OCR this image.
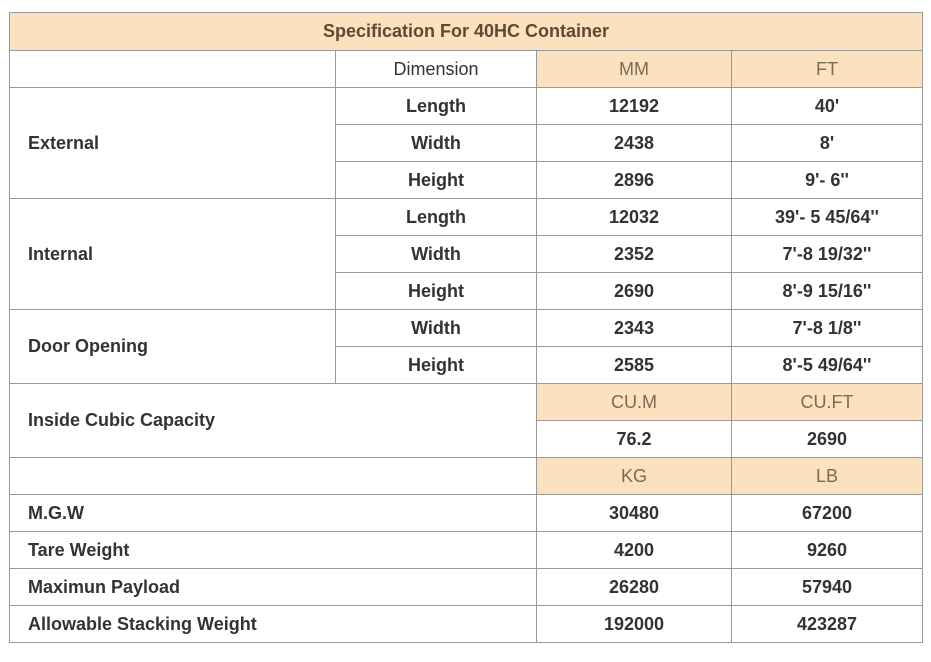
Specification For 40HC Container			
	Dimension	MM	FT
External	Length	12192	40'
	Width	2438	8'
	Height	2896	9'- 6''
Internal	Length	12032	39'- 5 45/64''
	Width	2352	7'-8 19/32''
	Height	2690	8'-9 15/16''
Door Opening	Width	2343	7'-8 1/8''
	Height	2585	8'-5 49/64''
Inside Cubic Capacity		CU.M	CU.FT
		76.2	2690
		KG	LB
M.G.W		30480	67200
Tare Weight		4200	9260
Maximun Payload		26280	57940
Allowable Stacking Weight		192000	423287
